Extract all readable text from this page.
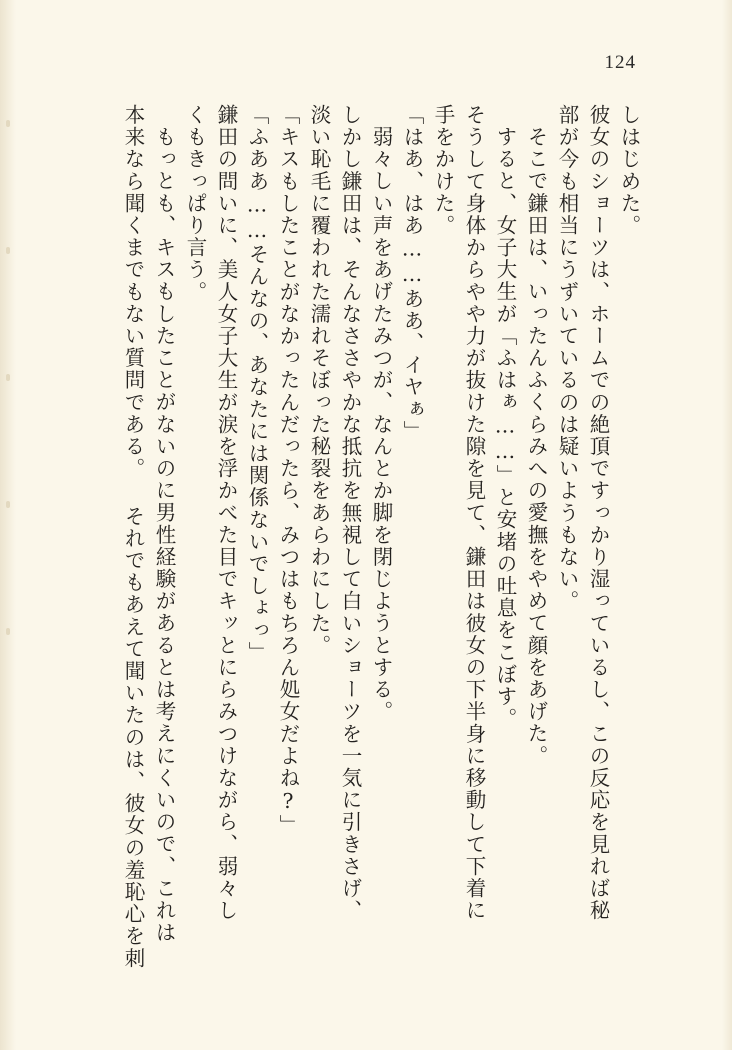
124
しはじめた。
彼女のショーツは、ホームでの絶頂ですっかり湿っているし、この反応を見れば秘
部が今も相当にうずいているのは疑いようもない。
そこで鎌田は、いったんふくらみへの愛撫をやめて顔をあげた。
すると、女子大生が「ふはぁ……」と安堵の吐息をこぼす。
そうして身体からやや力が抜けた隙を見て、鎌田は彼女の下半身に移動して下着に
手をかけた。
「はあ、はあ……ああ、イヤぁ」
弱々しい声をあげたみつが、なんとか脚を閉じようとする。
しかし鎌田は、そんなささやかな抵抗を無視して白いショーツを一気に引きさげ、
淡い恥毛に覆われた濡れそぼった秘裂をあらわにした。
「キスもしたことがなかったんだったら、みつはもちろん処女だよね?」
「ふああ……そんなの、あなたには関係ないでしょっ」
鎌田の問いに、美人女子大生が涙を浮かべた目でキッとにらみつけながら、弱々し
くもきっぱり言う。
もっとも、キスもしたことがないのに男性経験があるとは考えにくいので、これは
本来なら聞くまでもない質問である。 それでもあえて聞いたのは、彼女の羞恥心を刺
